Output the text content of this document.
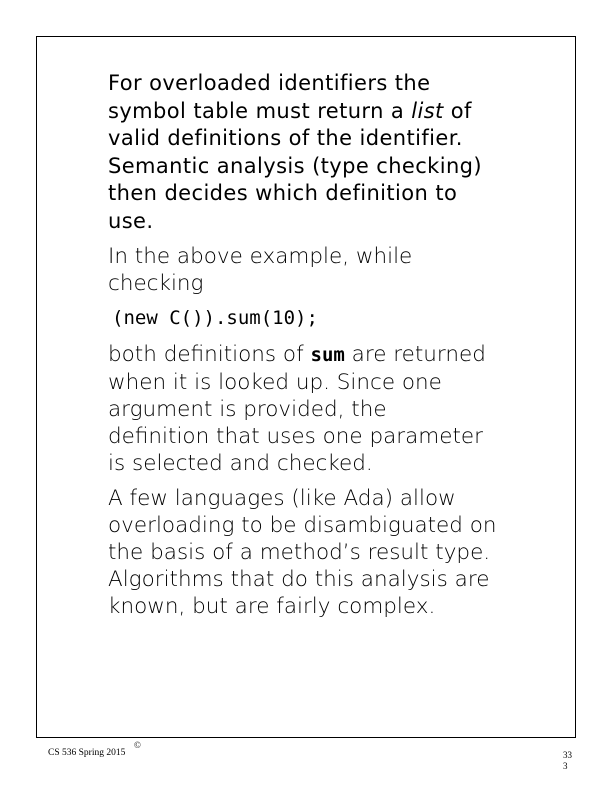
For overloaded identifiers the
symbol table must return a list of
valid definitions of the identifier.
Semantic analysis (type checking)
then decides which definition to
use.
In the above example, while
checking
(new C()).sum(10);
both definitions of sum are returned
when it is looked up. Since one
argument is provided, the
definition that uses one parameter
is selected and checked.
A few languages (like Ada) allow
overloading to be disambiguated on
the basis of a method’s result type.
Algorithms that do this analysis are
known, but are fairly complex.
CS 536 Spring 2015
©
33
3
